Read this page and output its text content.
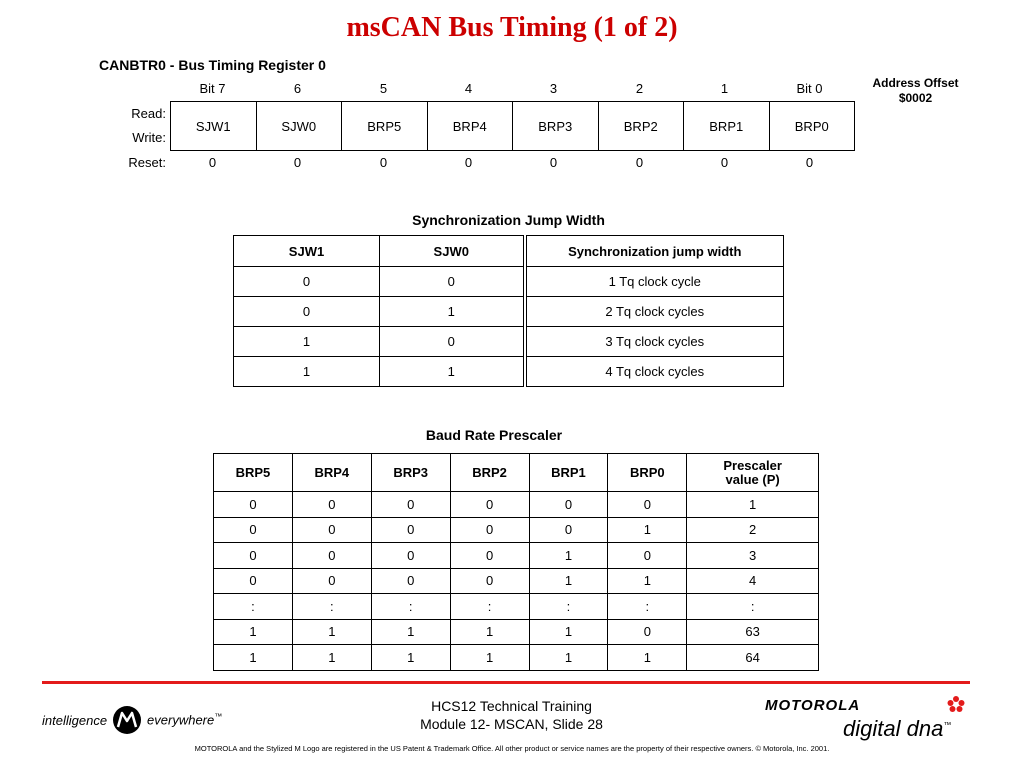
msCAN Bus Timing (1 of 2)
CANBTR0 - Bus Timing Register 0
Address Offset
$0002
Bit 7	6	5	4	3	2	1	Bit 0
Read:
Write:
Reset:
SJW1	SJW0	BRP5	BRP4	BRP3	BRP2	BRP1	BRP0
0	0	0	0	0	0	0	0
Synchronization Jump Width
SJW1	SJW0	Synchronization jump width
0	0	1 Tq clock cycle
0	1	2 Tq clock cycles
1	0	3 Tq clock cycles
1	1	4 Tq clock cycles
Baud Rate Prescaler
BRP5	BRP4	BRP3	BRP2	BRP1	BRP0	Prescaler
value (P)

0	0	0	0	0	0	1
0	0	0	0	0	1	2
0	0	0	0	1	0	3
0	0	0	0	1	1	4
:	:	:	:	:	:	:
1	1	1	1	1	0	63
1	1	1	1	1	1	64
intelligence	everywhere™
HCS12 Technical Training
Module 12- MSCAN, Slide 28
MOTOROLA
digital dna™
MOTOROLA and the Stylized M Logo are registered in the US Patent & Trademark Office. All other product or service names are the property of their respective owners. © Motorola, Inc. 2001.
